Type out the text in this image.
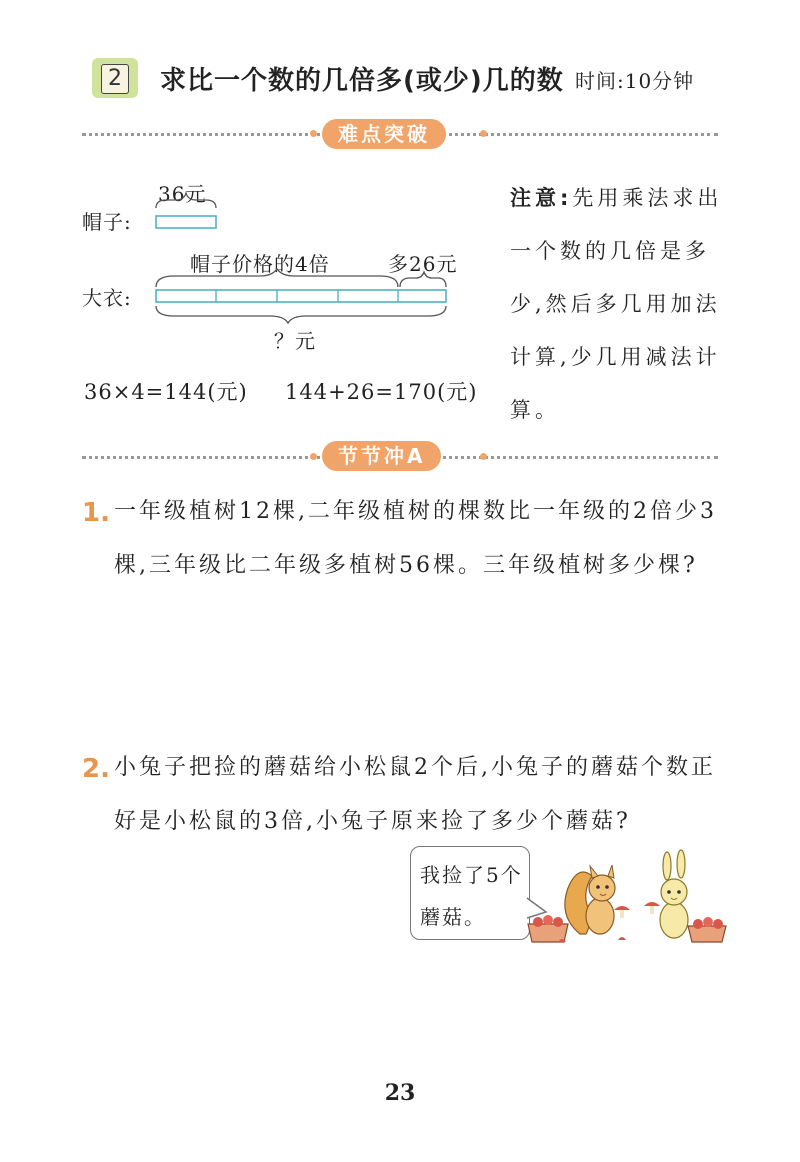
2 求比一个数的几倍多(或少)几的数 时间:10分钟
难点突破
36元
帽子:
帽子价格的4倍	多26元
大衣:
？元
36×4=144(元) 144+26=170(元)
注意:先用乘法求出一个数的几倍是多少,然后多几用加法计算,少几用减法计算。
节节冲A
1. 一年级植树12棵,二年级植树的棵数比一年级的2倍少3棵,三年级比二年级多植树56棵。三年级植树多少棵?
2. 小兔子把捡的蘑菇给小松鼠2个后,小兔子的蘑菇个数正好是小松鼠的3倍,小兔子原来捡了多少个蘑菇?
我捡了5个蘑菇。
23
